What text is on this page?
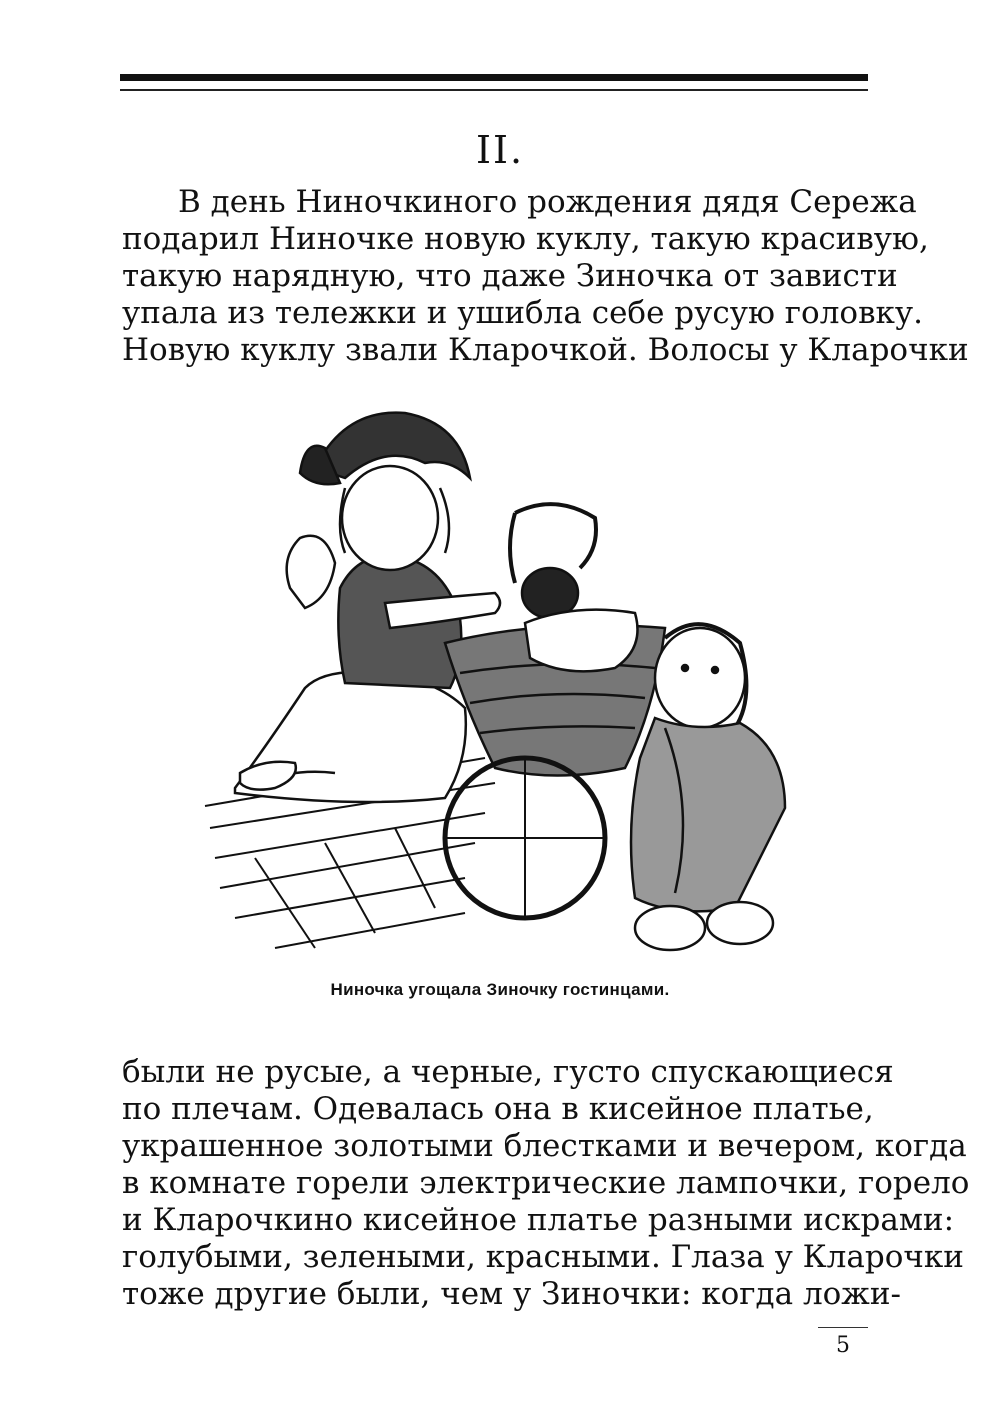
II.
В день Ниночкиного рождения дядя Сережа
подарил Ниночке новую куклу, такую красивую,
такую нарядную, что даже Зиночка от зависти
упала из тележки и ушибла себе русую головку.
Новую куклу звали Кларочкой. Волосы у Кларочки
Ниночка угощала Зиночку гостинцами.
были не русые, а черные, густо спускающиеся
по плечам. Одевалась она в кисейное платье,
украшенное золотыми блестками и вечером, когда
в комнате горели электрические лампочки, горело
и Кларочкино кисейное платье разными искрами:
голубыми, зелеными, красными. Глаза у Кларочки
тоже другие были, чем у Зиночки: когда ложи-
5
